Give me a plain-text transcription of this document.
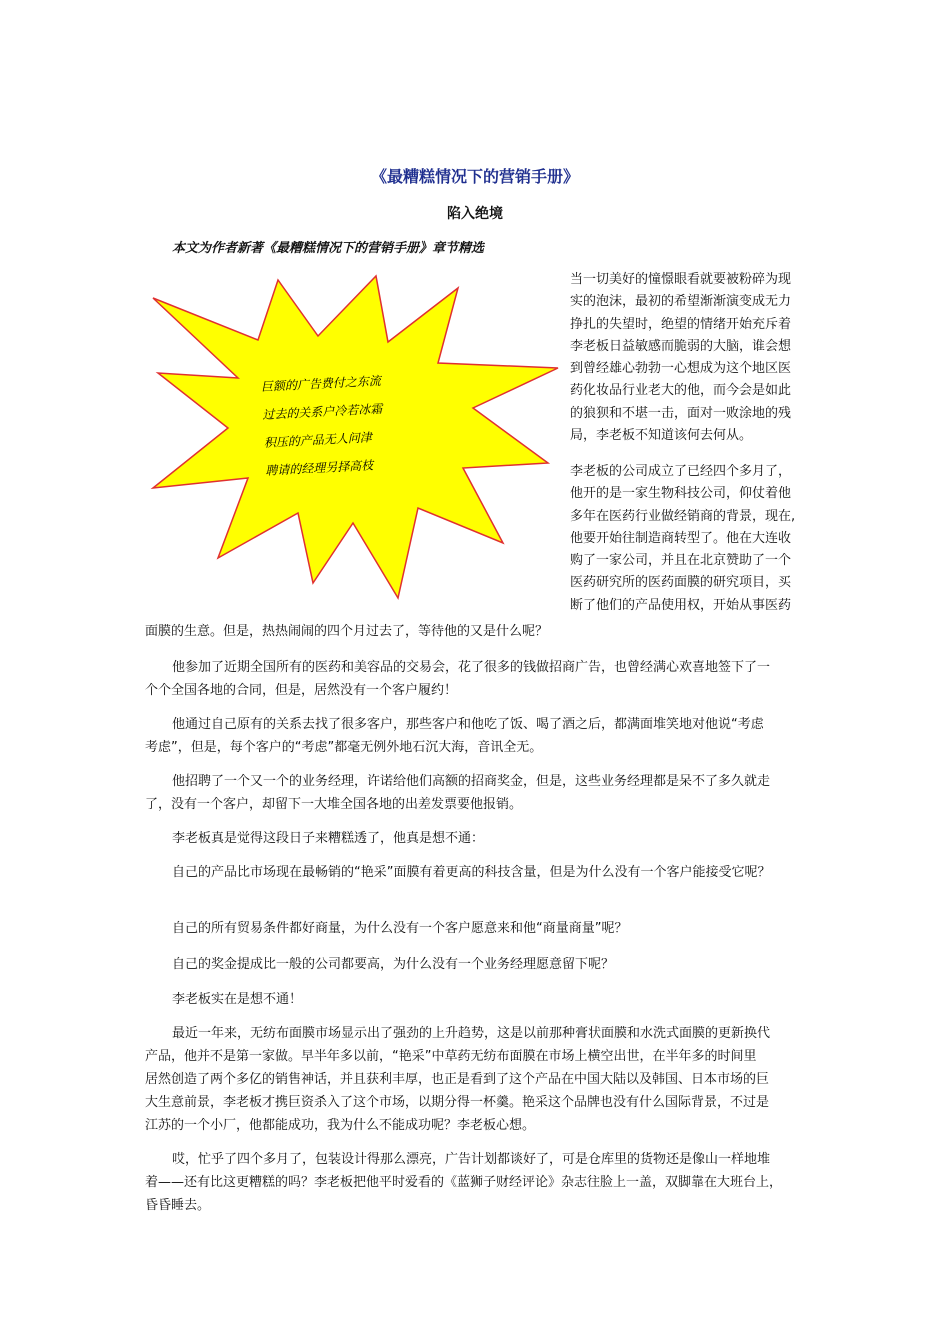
《最糟糕情况下的营销手册》
陷入绝境
本文为作者新著《最糟糕情况下的营销手册》章节精选
巨额的广告费付之东流
过去的关系户冷若冰霜
积压的产品无人问津
聘请的经理另择高枝
当一切美好的憧憬眼看就要被粉碎为现
实的泡沫，最初的希望渐渐演变成无力
挣扎的失望时，绝望的情绪开始充斥着
李老板日益敏感而脆弱的大脑，谁会想
到曾经雄心勃勃一心想成为这个地区医
药化妆品行业老大的他，而今会是如此
的狼狈和不堪一击，面对一败涂地的残
局，李老板不知道该何去何从。
李老板的公司成立了已经四个多月了，
他开的是一家生物科技公司，仰仗着他
多年在医药行业做经销商的背景，现在,
他要开始往制造商转型了。他在大连收
购了一家公司，并且在北京赞助了一个
医药研究所的医药面膜的研究项目，买
断了他们的产品使用权，开始从事医药
面膜的生意。但是，热热闹闹的四个月过去了，等待他的又是什么呢？
他参加了近期全国所有的医药和美容品的交易会，花了很多的钱做招商广告，也曾经满心欢喜地签下了一
个个全国各地的合同，但是，居然没有一个客户履约！
他通过自己原有的关系去找了很多客户，那些客户和他吃了饭、喝了酒之后，都满面堆笑地对他说“考虑
考虑”，但是，每个客户的“考虑”都毫无例外地石沉大海，音讯全无。
他招聘了一个又一个的业务经理，许诺给他们高额的招商奖金，但是，这些业务经理都是呆不了多久就走
了，没有一个客户，却留下一大堆全国各地的出差发票要他报销。
李老板真是觉得这段日子来糟糕透了，他真是想不通：
自己的产品比市场现在最畅销的“艳采”面膜有着更高的科技含量，但是为什么没有一个客户能接受它呢？
自己的所有贸易条件都好商量，为什么没有一个客户愿意来和他“商量商量”呢？
自己的奖金提成比一般的公司都要高，为什么没有一个业务经理愿意留下呢？
李老板实在是想不通！
最近一年来，无纺布面膜市场显示出了强劲的上升趋势，这是以前那种膏状面膜和水洗式面膜的更新换代
产品，他并不是第一家做。早半年多以前，“艳采”中草药无纺布面膜在市场上横空出世，在半年多的时间里
居然创造了两个多亿的销售神话，并且获利丰厚，也正是看到了这个产品在中国大陆以及韩国、日本市场的巨
大生意前景，李老板才携巨资杀入了这个市场，以期分得一杯羹。艳采这个品牌也没有什么国际背景，不过是
江苏的一个小厂，他都能成功，我为什么不能成功呢？李老板心想。
哎，忙乎了四个多月了，包装设计得那么漂亮，广告计划都谈好了，可是仓库里的货物还是像山一样地堆
着——还有比这更糟糕的吗？李老板把他平时爱看的《蓝狮子财经评论》杂志往脸上一盖，双脚靠在大班台上，
昏昏睡去。
